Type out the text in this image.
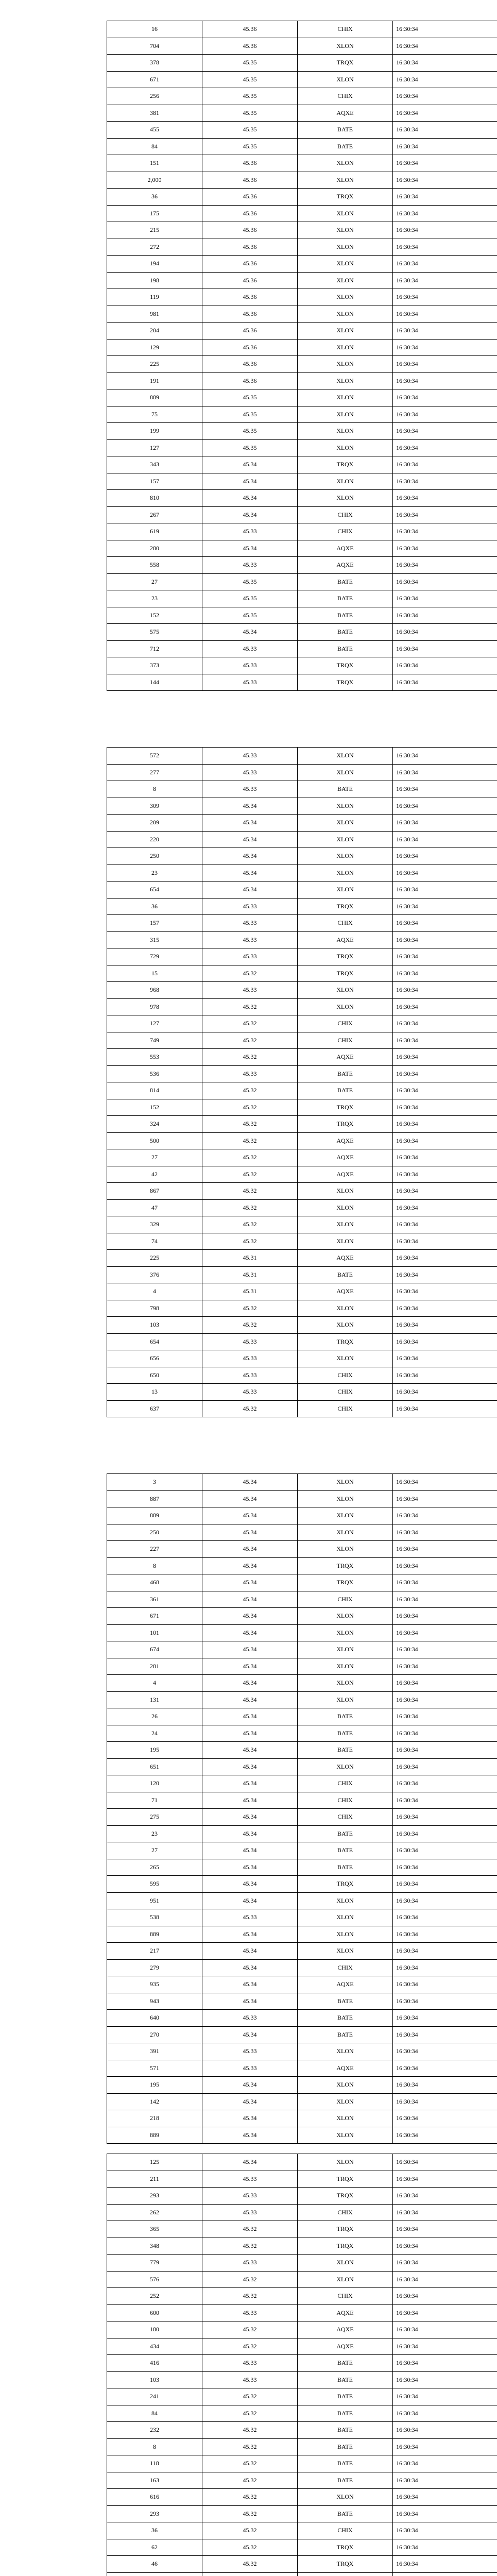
16	45.36	CHIX	16:30:34
704	45.36	XLON	16:30:34
378	45.35	TRQX	16:30:34
671	45.35	XLON	16:30:34
256	45.35	CHIX	16:30:34
381	45.35	AQXE	16:30:34
455	45.35	BATE	16:30:34
84	45.35	BATE	16:30:34
151	45.36	XLON	16:30:34
2,000	45.36	XLON	16:30:34
36	45.36	TRQX	16:30:34
175	45.36	XLON	16:30:34
215	45.36	XLON	16:30:34
272	45.36	XLON	16:30:34
194	45.36	XLON	16:30:34
198	45.36	XLON	16:30:34
119	45.36	XLON	16:30:34
981	45.36	XLON	16:30:34
204	45.36	XLON	16:30:34
129	45.36	XLON	16:30:34
225	45.36	XLON	16:30:34
191	45.36	XLON	16:30:34
889	45.35	XLON	16:30:34
75	45.35	XLON	16:30:34
199	45.35	XLON	16:30:34
127	45.35	XLON	16:30:34
343	45.34	TRQX	16:30:34
157	45.34	XLON	16:30:34
810	45.34	XLON	16:30:34
267	45.34	CHIX	16:30:34
619	45.33	CHIX	16:30:34
280	45.34	AQXE	16:30:34
558	45.33	AQXE	16:30:34
27	45.35	BATE	16:30:34
23	45.35	BATE	16:30:34
152	45.35	BATE	16:30:34
575	45.34	BATE	16:30:34
712	45.33	BATE	16:30:34
373	45.33	TRQX	16:30:34
144	45.33	TRQX	16:30:34
572	45.33	XLON	16:30:34
277	45.33	XLON	16:30:34
8	45.33	BATE	16:30:34
309	45.34	XLON	16:30:34
209	45.34	XLON	16:30:34
220	45.34	XLON	16:30:34
250	45.34	XLON	16:30:34
23	45.34	XLON	16:30:34
654	45.34	XLON	16:30:34
36	45.33	TRQX	16:30:34
157	45.33	CHIX	16:30:34
315	45.33	AQXE	16:30:34
729	45.33	TRQX	16:30:34
15	45.32	TRQX	16:30:34
968	45.33	XLON	16:30:34
978	45.32	XLON	16:30:34
127	45.32	CHIX	16:30:34
749	45.32	CHIX	16:30:34
553	45.32	AQXE	16:30:34
536	45.33	BATE	16:30:34
814	45.32	BATE	16:30:34
152	45.32	TRQX	16:30:34
324	45.32	TRQX	16:30:34
500	45.32	AQXE	16:30:34
27	45.32	AQXE	16:30:34
42	45.32	AQXE	16:30:34
867	45.32	XLON	16:30:34
47	45.32	XLON	16:30:34
329	45.32	XLON	16:30:34
74	45.32	XLON	16:30:34
225	45.31	AQXE	16:30:34
376	45.31	BATE	16:30:34
4	45.31	AQXE	16:30:34
798	45.32	XLON	16:30:34
103	45.32	XLON	16:30:34
654	45.33	TRQX	16:30:34
656	45.33	XLON	16:30:34
650	45.33	CHIX	16:30:34
13	45.33	CHIX	16:30:34
637	45.32	CHIX	16:30:34
3	45.34	XLON	16:30:34
887	45.34	XLON	16:30:34
889	45.34	XLON	16:30:34
250	45.34	XLON	16:30:34
227	45.34	XLON	16:30:34
8	45.34	TRQX	16:30:34
468	45.34	TRQX	16:30:34
361	45.34	CHIX	16:30:34
671	45.34	XLON	16:30:34
101	45.34	XLON	16:30:34
674	45.34	XLON	16:30:34
281	45.34	XLON	16:30:34
4	45.34	XLON	16:30:34
131	45.34	XLON	16:30:34
26	45.34	BATE	16:30:34
24	45.34	BATE	16:30:34
195	45.34	BATE	16:30:34
651	45.34	XLON	16:30:34
120	45.34	CHIX	16:30:34
71	45.34	CHIX	16:30:34
275	45.34	CHIX	16:30:34
23	45.34	BATE	16:30:34
27	45.34	BATE	16:30:34
265	45.34	BATE	16:30:34
595	45.34	TRQX	16:30:34
951	45.34	XLON	16:30:34
538	45.33	XLON	16:30:34
889	45.34	XLON	16:30:34
217	45.34	XLON	16:30:34
279	45.34	CHIX	16:30:34
935	45.34	AQXE	16:30:34
943	45.34	BATE	16:30:34
640	45.33	BATE	16:30:34
270	45.34	BATE	16:30:34
391	45.33	XLON	16:30:34
571	45.33	AQXE	16:30:34
195	45.34	XLON	16:30:34
142	45.34	XLON	16:30:34
218	45.34	XLON	16:30:34
889	45.34	XLON	16:30:34
125	45.34	XLON	16:30:34
211	45.33	TRQX	16:30:34
293	45.33	TRQX	16:30:34
262	45.33	CHIX	16:30:34
365	45.32	TRQX	16:30:34
348	45.32	TRQX	16:30:34
779	45.33	XLON	16:30:34
576	45.32	XLON	16:30:34
252	45.32	CHIX	16:30:34
600	45.33	AQXE	16:30:34
180	45.32	AQXE	16:30:34
434	45.32	AQXE	16:30:34
416	45.33	BATE	16:30:34
103	45.33	BATE	16:30:34
241	45.32	BATE	16:30:34
84	45.32	BATE	16:30:34
232	45.32	BATE	16:30:34
8	45.32	BATE	16:30:34
118	45.32	BATE	16:30:34
163	45.32	BATE	16:30:34
616	45.32	XLON	16:30:34
293	45.32	BATE	16:30:34
36	45.32	CHIX	16:30:34
62	45.32	TRQX	16:30:34
46	45.32	TRQX	16:30:34
